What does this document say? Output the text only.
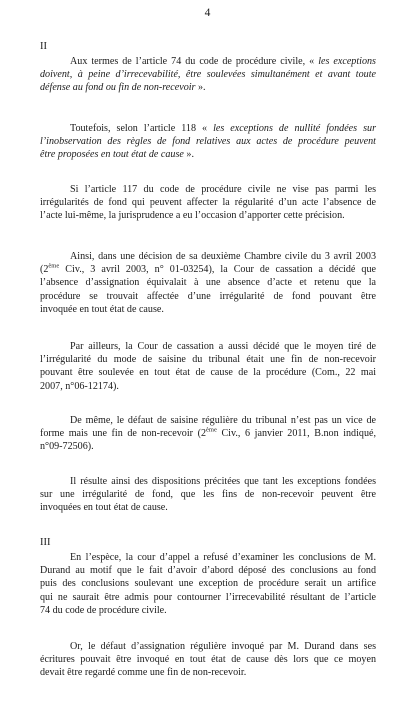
4
II
Aux termes de l’article 74 du code de procédure civile, « les exceptions
doivent, à peine d’irrecevabilité, être soulevées simultanément et avant toute
défense au fond ou fin de non-recevoir ».
Toutefois, selon l’article 118 « les exceptions de nullité fondées sur
l’inobservation des règles de fond relatives aux actes de procédure peuvent
être proposées en tout état de cause ».
Si l’article 117 du code de procédure civile ne vise pas parmi les
irrégularités de fond qui peuvent affecter la régularité d’un acte l’absence de
l’acte lui-même, la jurisprudence a eu l’occasion d’apporter cette précision.
Ainsi, dans une décision de sa deuxième Chambre civile du 3 avril 2003
(2ème Civ., 3 avril 2003, n° 01-03254), la Cour de cassation a décidé que
l’absence d’assignation équivalait à une absence d’acte et retenu que la
procédure se trouvait affectée d’une irrégularité de fond pouvant être
invoquée en tout état de cause.
Par ailleurs, la Cour de cassation a aussi décidé que le moyen tiré de
l’irrégularité du mode de saisine du tribunal était une fin de non-recevoir
pouvant être soulevée en tout état de cause de la procédure (Com., 22 mai
2007, n°06-12174).
De même, le défaut de saisine régulière du tribunal n’est pas un vice de
forme mais une fin de non-recevoir (2ème Civ., 6 janvier 2011, B.non indiqué,
n°09-72506).
Il résulte ainsi des dispositions précitées que tant les exceptions fondées
sur une irrégularité de fond, que les fins de non-recevoir peuvent être
invoquées en tout état de cause.
III
En l’espèce, la cour d’appel a refusé d’examiner les conclusions de M.
Durand au motif que le fait d’avoir d’abord déposé des conclusions au fond
puis des conclusions soulevant une exception de procédure serait un artifice
qui ne saurait être admis pour contourner l’irrecevabilité résultant de l’article
74 du code de procédure civile.
Or, le défaut d’assignation régulière invoqué par M. Durand dans ses
écritures pouvait être invoqué en tout état de cause dès lors que ce moyen
devait être regardé comme une fin de non-recevoir.
